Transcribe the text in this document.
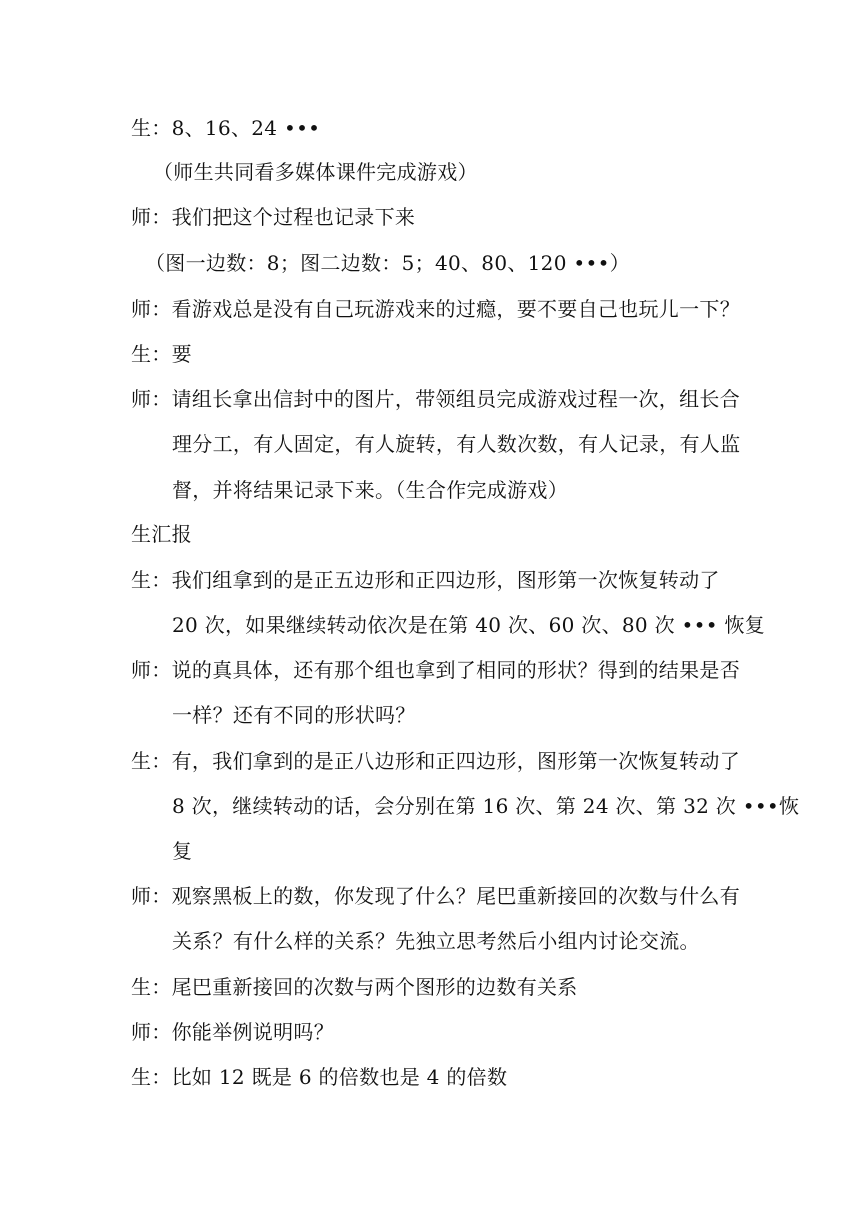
生：8、16、24 •••
（师生共同看多媒体课件完成游戏）
师：我们把这个过程也记录下来
（图一边数：8；图二边数：5；40、80、120 •••）
师：看游戏总是没有自己玩游戏来的过瘾，要不要自己也玩儿一下？
生：要
师：请组长拿出信封中的图片，带领组员完成游戏过程一次，组长合
理分工，有人固定，有人旋转，有人数次数，有人记录，有人监
督，并将结果记录下来。（生合作完成游戏）
生汇报
生：我们组拿到的是正五边形和正四边形，图形第一次恢复转动了
20 次，如果继续转动依次是在第 40 次、60 次、80 次 ••• 恢复
师：说的真具体，还有那个组也拿到了相同的形状？得到的结果是否
一样？还有不同的形状吗？
生：有，我们拿到的是正八边形和正四边形，图形第一次恢复转动了
8 次，继续转动的话，会分别在第 16 次、第 24 次、第 32 次 •••恢
复
师：观察黑板上的数，你发现了什么？尾巴重新接回的次数与什么有
关系？有什么样的关系？先独立思考然后小组内讨论交流。
生：尾巴重新接回的次数与两个图形的边数有关系
师：你能举例说明吗？
生：比如 12 既是 6 的倍数也是 4 的倍数
